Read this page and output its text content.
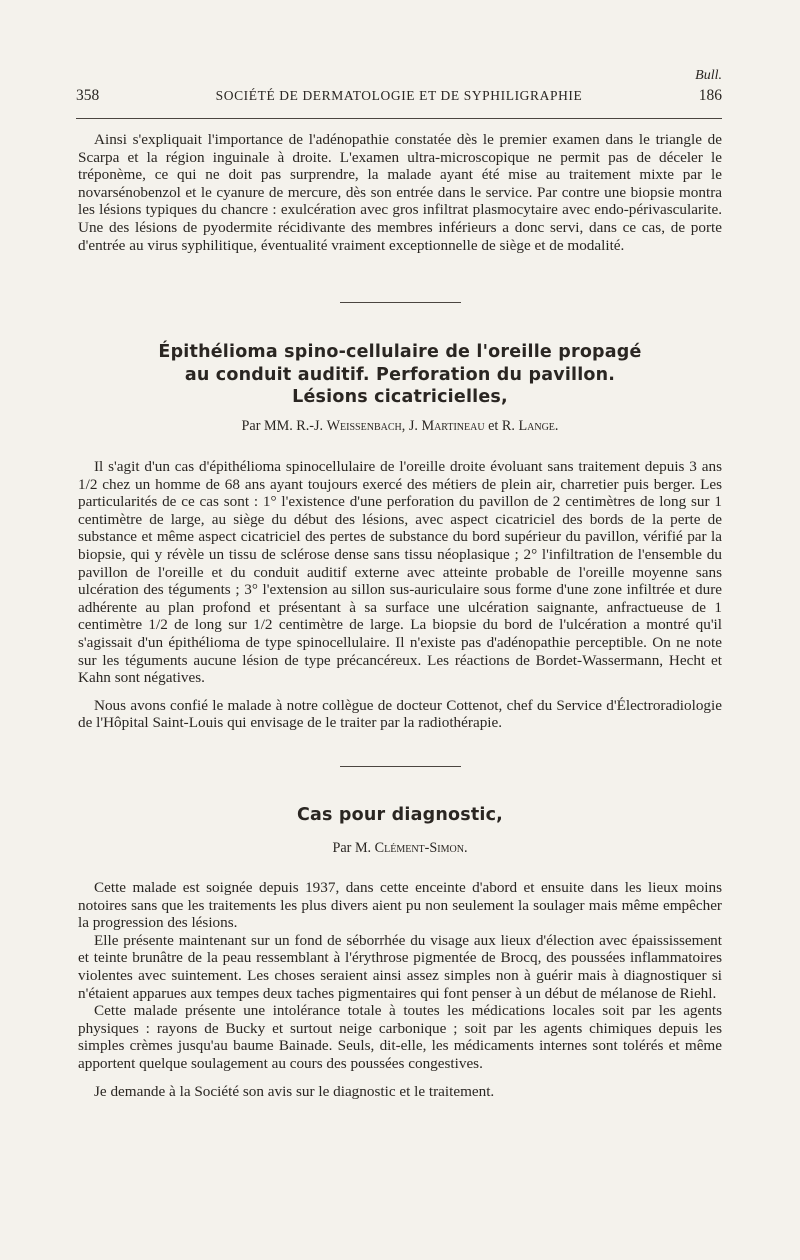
Bull.
358	SOCIÉTÉ DE DERMATOLOGIE ET DE SYPHILIGRAPHIE	186

Ainsi s'expliquait l'importance de l'adénopathie constatée dès le premier examen dans le triangle de Scarpa et la région inguinale à droite. L'examen ultra-microscopique ne permit pas de déceler le tréponème, ce qui ne doit pas surprendre, la malade ayant été mise au traitement mixte par le novarsénobenzol et le cyanure de mercure, dès son entrée dans le service. Par contre une biopsie montra les lésions typiques du chancre : exulcération avec gros infiltrat plasmocytaire avec endo-périvascularite. Une des lésions de pyodermite récidivante des membres inférieurs a donc servi, dans ce cas, de porte d'entrée au virus syphilitique, éventualité vraiment exceptionnelle de siège et de modalité.

Épithélioma spino-cellulaire de l'oreille propagé
au conduit auditif. Perforation du pavillon.
Lésions cicatricielles,
Par MM. R.-J. Weissenbach, J. Martineau et R. Lange.

Il s'agit d'un cas d'épithélioma spinocellulaire de l'oreille droite évoluant sans traitement depuis 3 ans 1/2 chez un homme de 68 ans ayant toujours exercé des métiers de plein air, charretier puis berger. Les particularités de ce cas sont : 1° l'existence d'une perforation du pavillon de 2 centimètres de long sur 1 centimètre de large, au siège du début des lésions, avec aspect cicatriciel des bords de la perte de substance et même aspect cicatriciel des pertes de substance du bord supérieur du pavillon, vérifié par la biopsie, qui y révèle un tissu de sclérose dense sans tissu néoplasique ; 2° l'infiltration de l'ensemble du pavillon de l'oreille et du conduit auditif externe avec atteinte probable de l'oreille moyenne sans ulcération des téguments ; 3° l'extension au sillon sus-auriculaire sous forme d'une zone infiltrée et dure adhérente au plan profond et présentant à sa surface une ulcération saignante, anfractueuse de 1 centimètre 1/2 de long sur 1/2 centimètre de large. La biopsie du bord de l'ulcération a montré qu'il s'agissait d'un épithélioma de type spinocellulaire. Il n'existe pas d'adénopathie perceptible. On ne note sur les téguments aucune lésion de type précancéreux. Les réactions de Bordet-Wassermann, Hecht et Kahn sont négatives.

Nous avons confié le malade à notre collègue de docteur Cottenot, chef du Service d'Électroradiologie de l'Hôpital Saint-Louis qui envisage de le traiter par la radiothérapie.

Cas pour diagnostic,
Par M. Clément-Simon.

Cette malade est soignée depuis 1937, dans cette enceinte d'abord et ensuite dans les lieux moins notoires sans que les traitements les plus divers aient pu non seulement la soulager mais même empêcher la progression des lésions.

Elle présente maintenant sur un fond de séborrhée du visage aux lieux d'élection avec épaississement et teinte brunâtre de la peau ressemblant à l'érythrose pigmentée de Brocq, des poussées inflammatoires violentes avec suintement. Les choses seraient ainsi assez simples non à guérir mais à diagnostiquer si n'étaient apparues aux tempes deux taches pigmentaires qui font penser à un début de mélanose de Riehl.

Cette malade présente une intolérance totale à toutes les médications locales soit par les agents physiques : rayons de Bucky et surtout neige carbonique ; soit par les agents chimiques depuis les simples crèmes jusqu'au baume Bainade. Seuls, dit-elle, les médicaments internes sont tolérés et même apportent quelque soulagement au cours des poussées congestives.

Je demande à la Société son avis sur le diagnostic et le traitement.
